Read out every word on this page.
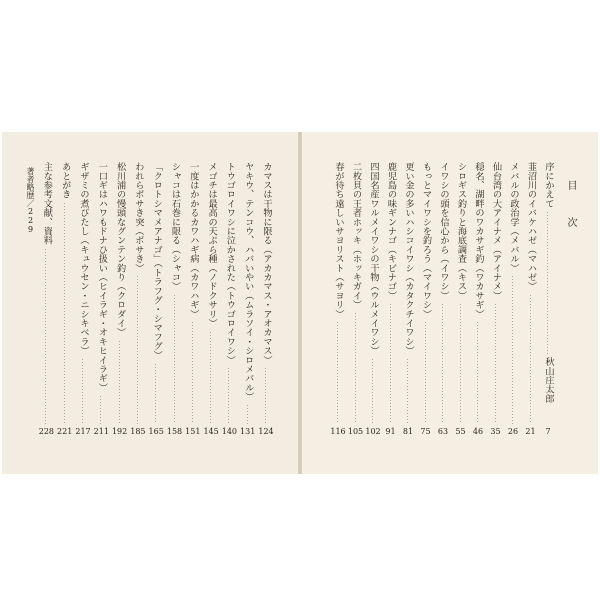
カマスは干物に限る（アカカマス・アオカマス）
124
ヤキウ、テンコウ、ハバいやい（ムラソイ・シロメバル）
131
トウゴロイワシに泣かされた（トウゴロイワシ）
140
メゴチは最高の天ぷら種（ノドクサリ）
145
一度はかかるカワハギ病（カワハギ）
151
シャコは石巻に限る（シャコ）
158
「クロトシマメアナゴ」（トラフグ・シマフグ）
165
われらボサき突（ボサき）
185
松川浦の慢頭なグンテン釣り（クロダイ）
192
一口ギはハワもドナひ扱い（ヒイラギ・オキヒイラギ）
211
ギザミの煮びたし（キュウセン・ニシキベラ）
217
あとがき
221
主な参考文献、資料
228
著者略歴／229	目 次
序にかえて
秋山庄太郎
7
韮沼川のイバケハゼ（マハゼ）
21
メバルの政治学（メバル）
26
仙台湾の大アイナメ（アイナメ）
35
穏名、湖畔のワカサギ釣（ワカサギ）
46
シロギス釣りと海底調査（キス）
55
イワシの頭を信心から（イワシ）
63
もっとマイワシを釣ろう（マイワシ）
75
更い金の多いハシコイワシ（カタクチイワシ）
81
鹿児島の味ギンナゴ（キビナゴ）
91
四国名産ワルメイワシの干物（ウルメイワシ）
102
二枚貝の王者ホッキ（ホッキガイ）
105
春が待ち遠しいサヨリスト（サヨリ）
116
